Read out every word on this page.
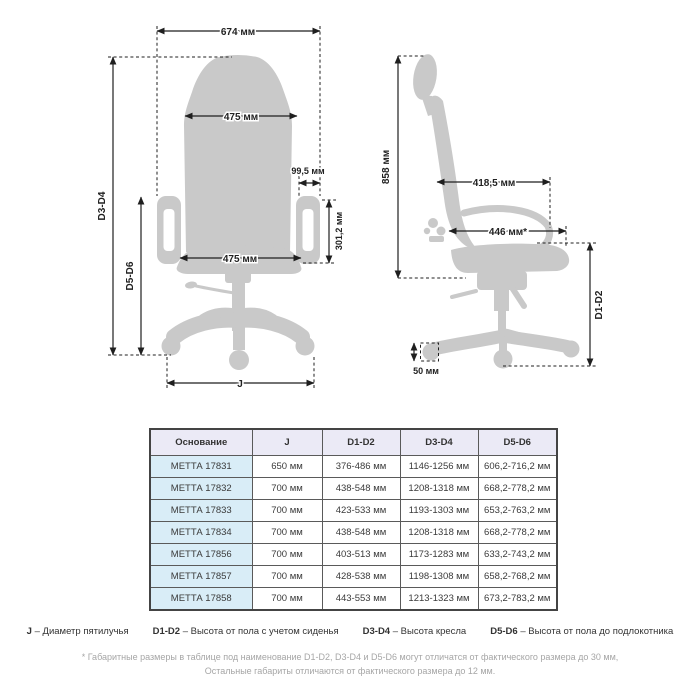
674 мм
D3-D4
D5-D6
475 мм
99,5 мм
301,2 мм
475 мм
J
858 мм	418,5 мм
446 мм*
D1-D2
50 мм
Основание	J	D1-D2	D3-D4	D5-D6
МЕТТА 17831	650 мм	376-486 мм	1146-1256 мм	606,2-716,2 мм
МЕТТА 17832	700 мм	438-548 мм	1208-1318 мм	668,2-778,2 мм
МЕТТА 17833	700 мм	423-533 мм	1193-1303 мм	653,2-763,2 мм
МЕТТА 17834	700 мм	438-548 мм	1208-1318 мм	668,2-778,2 мм
МЕТТА 17856	700 мм	403-513 мм	1173-1283 мм	633,2-743,2 мм
МЕТТА 17857	700 мм	428-538 мм	1198-1308 мм	658,2-768,2 мм
МЕТТА 17858	700 мм	443-553 мм	1213-1323 мм	673,2-783,2 мм
J – Диаметр пятилучья	D1-D2 – Высота от пола с учетом сиденья	D3-D4 – Высота кресла	D5-D6 – Высота от пола до подлокотника
* Габаритные размеры в таблице под наименование D1-D2, D3-D4 и D5-D6 могут отличатся от фактического размера до 30 мм,
Остальные габариты отличаются от фактического размера до 12 мм.
